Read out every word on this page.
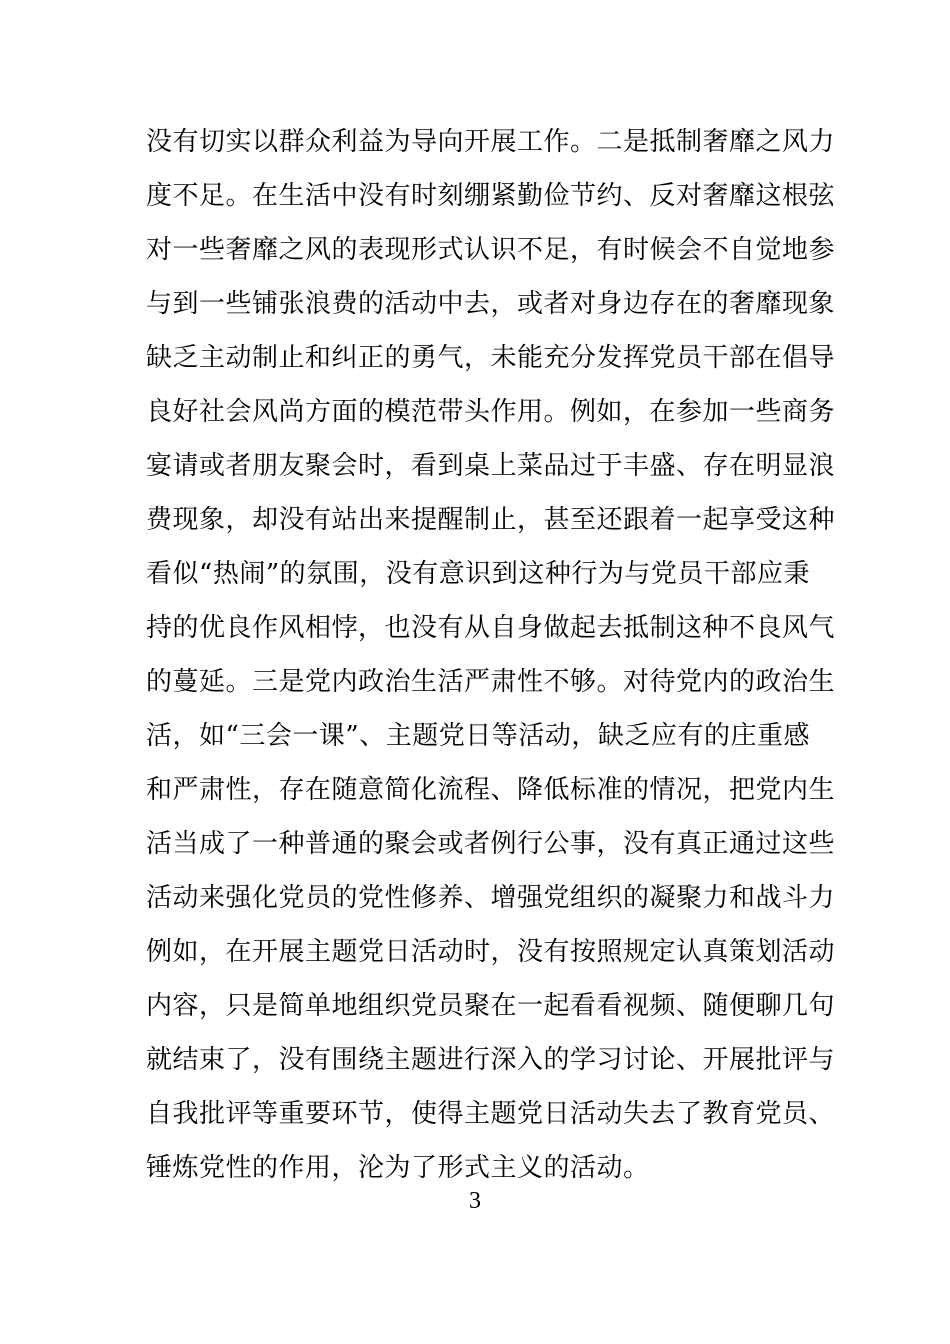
没有切实以群众利益为导向开展工作。二是抵制奢靡之风力
度不足。在生活中没有时刻绷紧勤俭节约、反对奢靡这根弦
对一些奢靡之风的表现形式认识不足，有时候会不自觉地参
与到一些铺张浪费的活动中去，或者对身边存在的奢靡现象
缺乏主动制止和纠正的勇气，未能充分发挥党员干部在倡导
良好社会风尚方面的模范带头作用。例如，在参加一些商务
宴请或者朋友聚会时，看到桌上菜品过于丰盛、存在明显浪
费现象，却没有站出来提醒制止，甚至还跟着一起享受这种
看似“热闹”的氛围，没有意识到这种行为与党员干部应秉
持的优良作风相悖，也没有从自身做起去抵制这种不良风气
的蔓延。三是党内政治生活严肃性不够。对待党内的政治生
活，如“三会一课”、主题党日等活动，缺乏应有的庄重感
和严肃性，存在随意简化流程、降低标准的情况，把党内生
活当成了一种普通的聚会或者例行公事，没有真正通过这些
活动来强化党员的党性修养、增强党组织的凝聚力和战斗力
例如，在开展主题党日活动时，没有按照规定认真策划活动
内容，只是简单地组织党员聚在一起看看视频、随便聊几句
就结束了，没有围绕主题进行深入的学习讨论、开展批评与
自我批评等重要环节，使得主题党日活动失去了教育党员、
锤炼党性的作用，沦为了形式主义的活动。
3
